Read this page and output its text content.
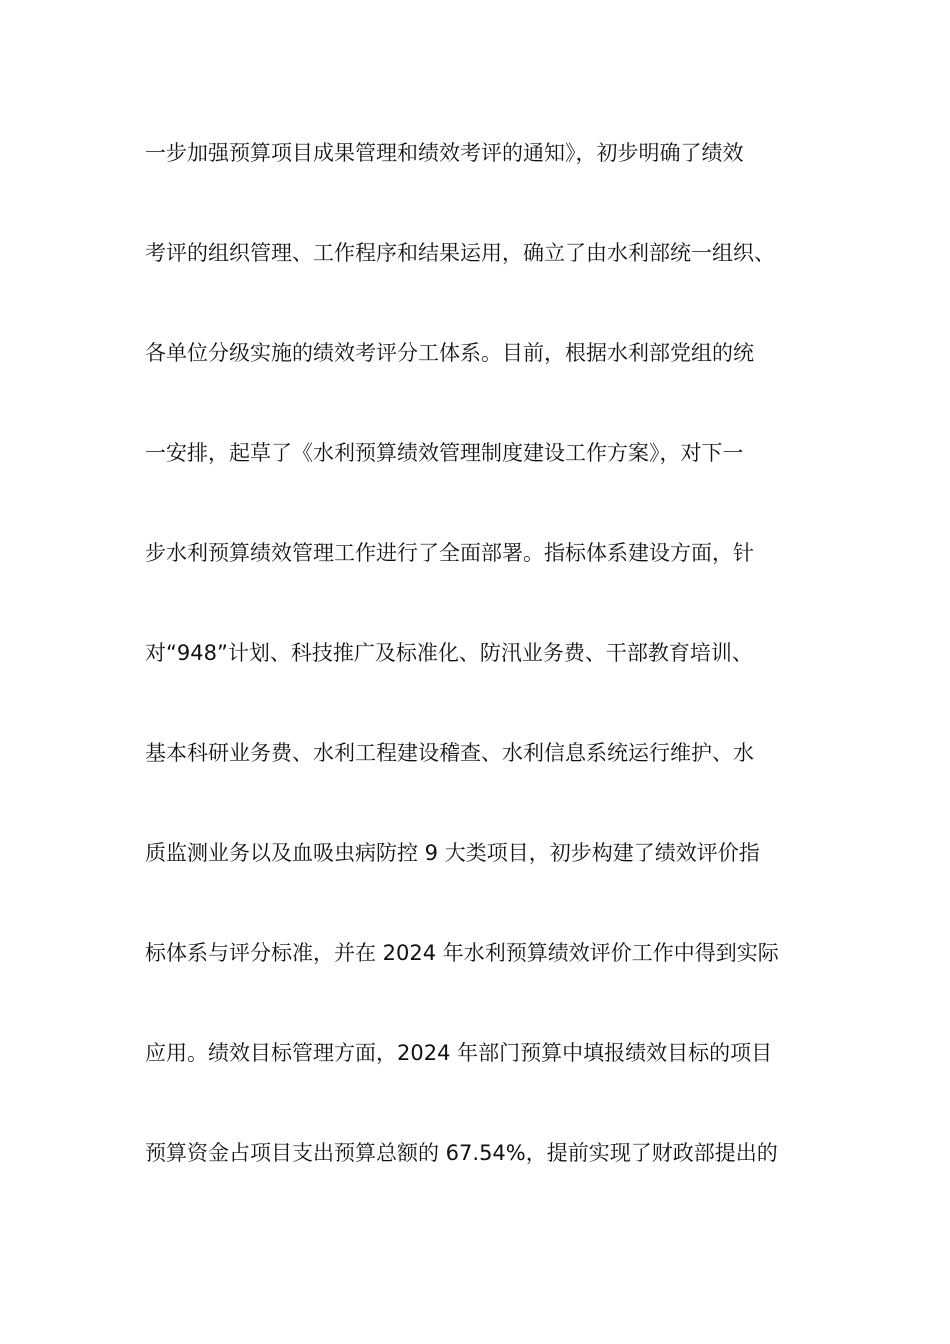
一步加强预算项目成果管理和绩效考评的通知》，初步明确了绩效
考评的组织管理、工作程序和结果运用，确立了由水利部统一组织、
各单位分级实施的绩效考评分工体系。目前，根据水利部党组的统
一安排，起草了《水利预算绩效管理制度建设工作方案》，对下一
步水利预算绩效管理工作进行了全面部署。指标体系建设方面，针
对“948”计划、科技推广及标准化、防汛业务费、干部教育培训、
基本科研业务费、水利工程建设稽查、水利信息系统运行维护、水
质监测业务以及血吸虫病防控 9 大类项目，初步构建了绩效评价指
标体系与评分标准，并在 2024 年水利预算绩效评价工作中得到实际
应用。绩效目标管理方面，2024 年部门预算中填报绩效目标的项目
预算资金占项目支出预算总额的 67.54%，提前实现了财政部提出的
